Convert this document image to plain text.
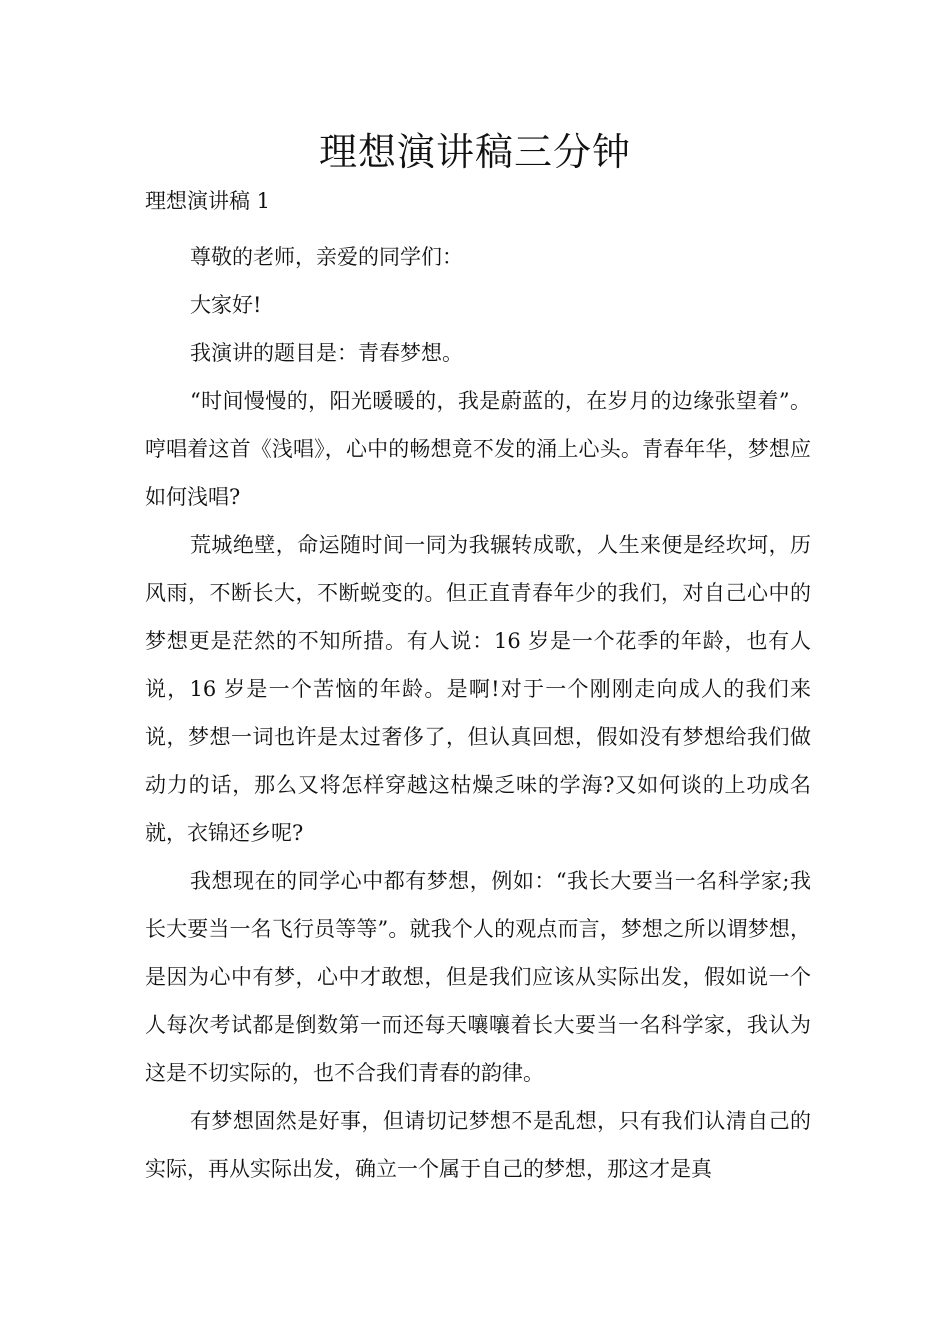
理想演讲稿三分钟
理想演讲稿 1

尊敬的老师，亲爱的同学们：

大家好!

我演讲的题目是：青春梦想。

“时间慢慢的，阳光暖暖的，我是蔚蓝的，在岁月的边缘张望着”。哼唱着这首《浅唱》，心中的畅想竟不发的涌上心头。青春年华，梦想应如何浅唱?

荒城绝壁，命运随时间一同为我辗转成歌，人生来便是经坎坷，历风雨，不断长大，不断蜕变的。但正直青春年少的我们，对自己心中的梦想更是茫然的不知所措。有人说：16 岁是一个花季的年龄，也有人说，16 岁是一个苦恼的年龄。是啊!对于一个刚刚走向成人的我们来说，梦想一词也许是太过奢侈了，但认真回想，假如没有梦想给我们做动力的话，那么又将怎样穿越这枯燥乏味的学海?又如何谈的上功成名就，衣锦还乡呢?

我想现在的同学心中都有梦想，例如：“我长大要当一名科学家;我长大要当一名飞行员等等”。就我个人的观点而言，梦想之所以谓梦想，是因为心中有梦，心中才敢想，但是我们应该从实际出发，假如说一个人每次考试都是倒数第一而还每天嚷嚷着长大要当一名科学家，我认为这是不切实际的，也不合我们青春的韵律。

有梦想固然是好事，但请切记梦想不是乱想，只有我们认清自己的实际，再从实际出发，确立一个属于自己的梦想，那这才是真
